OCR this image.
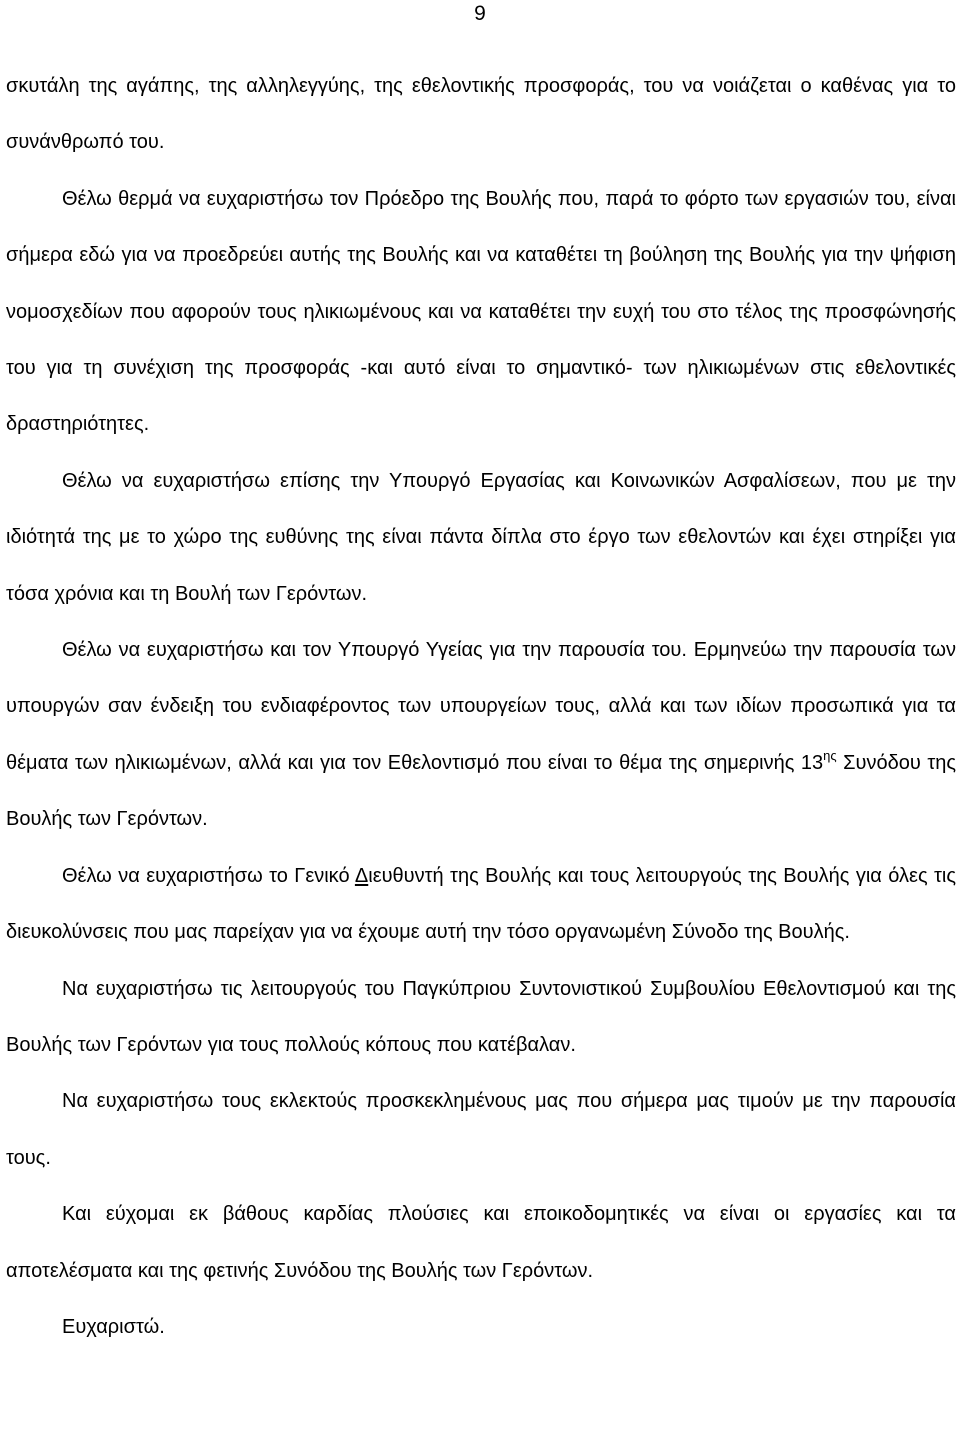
9

σκυτάλη της αγάπης, της αλληλεγγύης, της εθελοντικής προσφοράς, του να νοιάζεται ο καθένας για το συνάνθρωπό του.

Θέλω θερμά να ευχαριστήσω τον Πρόεδρο της Βουλής που, παρά το φόρτο των εργασιών του, είναι σήμερα εδώ για να προεδρεύει αυτής της Βουλής και να καταθέτει τη βούληση της Βουλής για την ψήφιση νομοσχεδίων που αφορούν τους ηλικιωμένους και να καταθέτει την ευχή του στο τέλος της προσφώνησής του για τη συνέχιση της προσφοράς -και αυτό είναι το σημαντικό- των ηλικιωμένων στις εθελοντικές δραστηριότητες.

Θέλω να ευχαριστήσω επίσης την Υπουργό Εργασίας και Κοινωνικών Ασφαλίσεων, που με την ιδιότητά της με το χώρο της ευθύνης της είναι πάντα δίπλα στο έργο των εθελοντών και έχει στηρίξει για τόσα χρόνια και τη Βουλή των Γερόντων.

Θέλω να ευχαριστήσω και τον Υπουργό Υγείας για την παρουσία του. Ερμηνεύω την παρουσία των υπουργών σαν ένδειξη του ενδιαφέροντος των υπουργείων τους, αλλά και των ιδίων προσωπικά για τα θέματα των ηλικιωμένων, αλλά και για τον Εθελοντισμό που είναι το θέμα της σημερινής $13^{\eta\varsigma}$ Συνόδου της Βουλής των Γερόντων.

Θέλω να ευχαριστήσω το Γενικό Διευθυντή της Βουλής και τους λειτουργούς της Βουλής για όλες τις διευκολύνσεις που μας παρείχαν για να έχουμε αυτή την τόσο οργανωμένη Σύνοδο της Βουλής.

Να ευχαριστήσω τις λειτουργούς του Παγκύπριου Συντονιστικού Συμβουλίου Εθελοντισμού και της Βουλής των Γερόντων για τους πολλούς κόπους που κατέβαλαν.

Να ευχαριστήσω τους εκλεκτούς προσκεκλημένους μας που σήμερα μας τιμούν με την παρουσία τους.

Και εύχομαι εκ βάθους καρδίας πλούσιες και εποικοδομητικές να είναι οι εργασίες και τα αποτελέσματα και της φετινής Συνόδου της Βουλής των Γερόντων.

Ευχαριστώ.
